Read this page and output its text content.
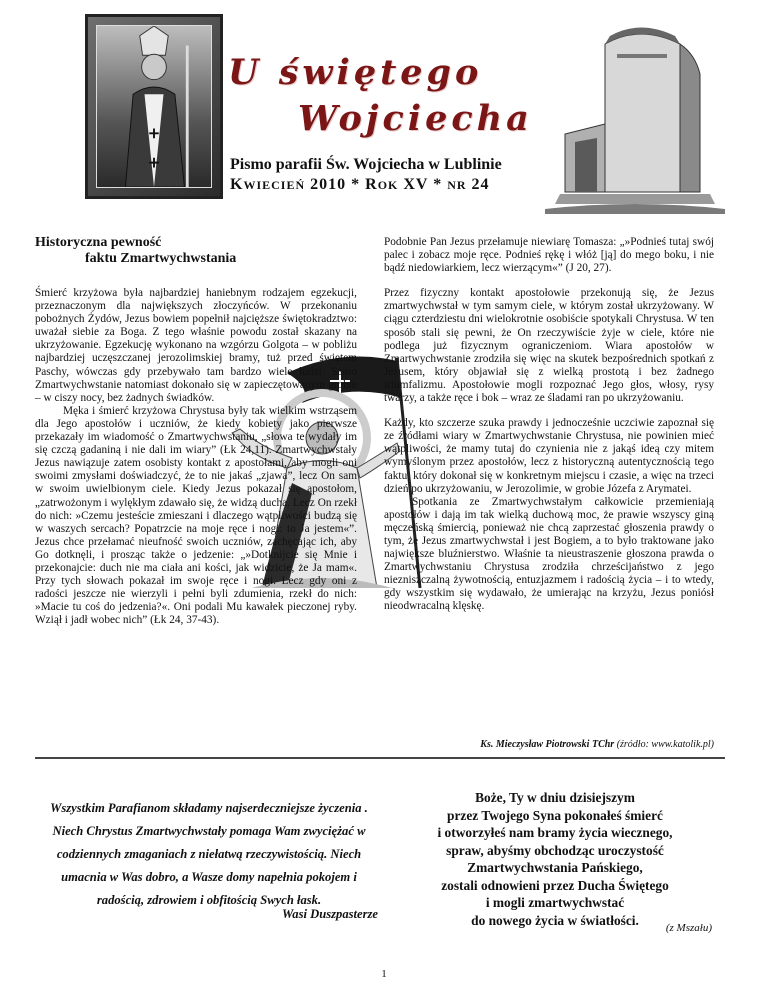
U świętego
Wojciecha
Pismo parafii Św. Wojciecha w Lublinie
KWIECIEŃ 2010 * ROK XV * NR 24
Historyczna pewność
faktu Zmartwychwstania

Śmierć krzyżowa była najbardziej haniebnym rodzajem egzekucji, przeznaczonym dla największych złoczyńców. W przekonaniu pobożnych Żydów, Jezus bowiem popełnił najcięższe świętokradztwo: uważał siebie za Boga. Z tego właśnie powodu został skazany na ukrzyżowanie. Egzekucję wykonano na wzgórzu Golgota – w pobliżu najbardziej uczęszczanej jerozolimskiej bramy, tuż przed świętem Paschy, wówczas gdy przebywało tam bardzo wiele ludzi. Samo Zmartwychwstanie natomiast dokonało się w zapieczętowanym grobie – w ciszy nocy, bez żadnych świadków.

Męka i śmierć krzyżowa Chrystusa były tak wielkim wstrząsem dla Jego apostołów i uczniów, że kiedy kobiety jako pierwsze przekazały im wiadomość o Zmartwychwstaniu, „słowa te wydały im się czczą gadaniną i nie dali im wiary” (Łk 24,11). Zmartwychwstały Jezus nawiązuje zatem osobisty kontakt z apostołami, aby mogli oni swoimi zmysłami doświadczyć, że to nie jakaś „zjawa”, lecz On sam w swoim uwielbionym ciele. Kiedy Jezus pokazał się apostołom, „zatrwożonym i wylękłym zdawało się, że widzą ducha. Lecz On rzekł do nich: »Czemu jesteście zmieszani i dlaczego wątpliwości budzą się w waszych sercach? Popatrzcie na moje ręce i nogi: to Ja jestem«”. Jezus chce przełamać nieufność swoich uczniów, zachęcając ich, aby Go dotknęli, i prosząc także o jedzenie: „»Dotknijcie się Mnie i przekonajcie: duch nie ma ciała ani kości, jak widzicie, że Ja mam«. Przy tych słowach pokazał im swoje ręce i nogi. Lecz gdy oni z radości jeszcze nie wierzyli i pełni byli zdumienia, rzekł do nich: »Macie tu coś do jedzenia?«. Oni podali Mu kawałek pieczonej ryby. Wziął i jadł wobec nich” (Łk 24, 37-43).

Podobnie Pan Jezus przełamuje niewiarę Tomasza: „»Podnieś tutaj swój palec i zobacz moje ręce. Podnieś rękę i włóż [ją] do mego boku, i nie bądź niedowiarkiem, lecz wierzącym«” (J 20, 27).

Przez fizyczny kontakt apostołowie przekonują się, że Jezus zmartwychwstał w tym samym ciele, w którym został ukrzyżowany. W ciągu czterdziestu dni wielokrotnie osobiście spotykali Chrystusa. W ten sposób stali się pewni, że On rzeczywiście żyje w ciele, które nie podlega już fizycznym ograniczeniom. Wiara apostołów w Zmartwychwstanie zrodziła się więc na skutek bezpośrednich spotkań z Jezusem, który objawiał się z wielką prostotą i bez żadnego triumfalizmu. Apostołowie mogli rozpoznać Jego głos, włosy, rysy twarzy, a także ręce i bok – wraz ze śladami ran po ukrzyżowaniu.

Każdy, kto szczerze szuka prawdy i jednocześnie uczciwie zapoznał się ze źródłami wiary w Zmartwychwstanie Chrystusa, nie powinien mieć wątpliwości, że mamy tutaj do czynienia nie z jakąś ideą czy mitem wymyślonym przez apostołów, lecz z historyczną autentycznością tego faktu, który dokonał się w konkretnym miejscu i czasie, a więc na trzeci dzień po ukrzyżowaniu, w Jerozolimie, w grobie Józefa z Arymatei.

Spotkania ze Zmartwychwstałym całkowicie przemieniają apostołów i dają im tak wielką duchową moc, że prawie wszyscy giną męczeńską śmiercią, ponieważ nie chcą zaprzestać głoszenia prawdy o tym, że Jezus zmartwychwstał i jest Bogiem, a to było traktowane jako największe bluźnierstwo. Właśnie ta nieustraszenie głoszona prawda o Zmartwychwstaniu Chrystusa zrodziła chrześcijaństwo z jego niezniszczalną żywotnością, entuzjazmem i radością życia – i to wtedy, gdy wszystkim się wydawało, że umierając na krzyżu, Jezus poniósł nieodwracalną klęskę.

Ks. Mieczysław Piotrowski TChr (źródło: www.katolik.pl)
Wszystkim Parafianom składamy najserdeczniejsze życzenia . Niech Chrystus Zmartwychwstały pomaga Wam zwyciężać w codziennych zmaganiach z niełatwą rzeczywistością. Niech umacnia w Was dobro, a Wasze domy napełnia pokojem i radością, zdrowiem i obfitością Swych łask.
Wasi Duszpasterze
Boże, Ty w dniu dzisiejszym
przez Twojego Syna pokonałeś śmierć
i otworzyłeś nam bramy życia wiecznego,
spraw, abyśmy obchodząc uroczystość
Zmartwychwstania Pańskiego,
zostali odnowieni przez Ducha Świętego
i mogli zmartwychwstać
do nowego życia w światłości.
(z Mszału)
1
